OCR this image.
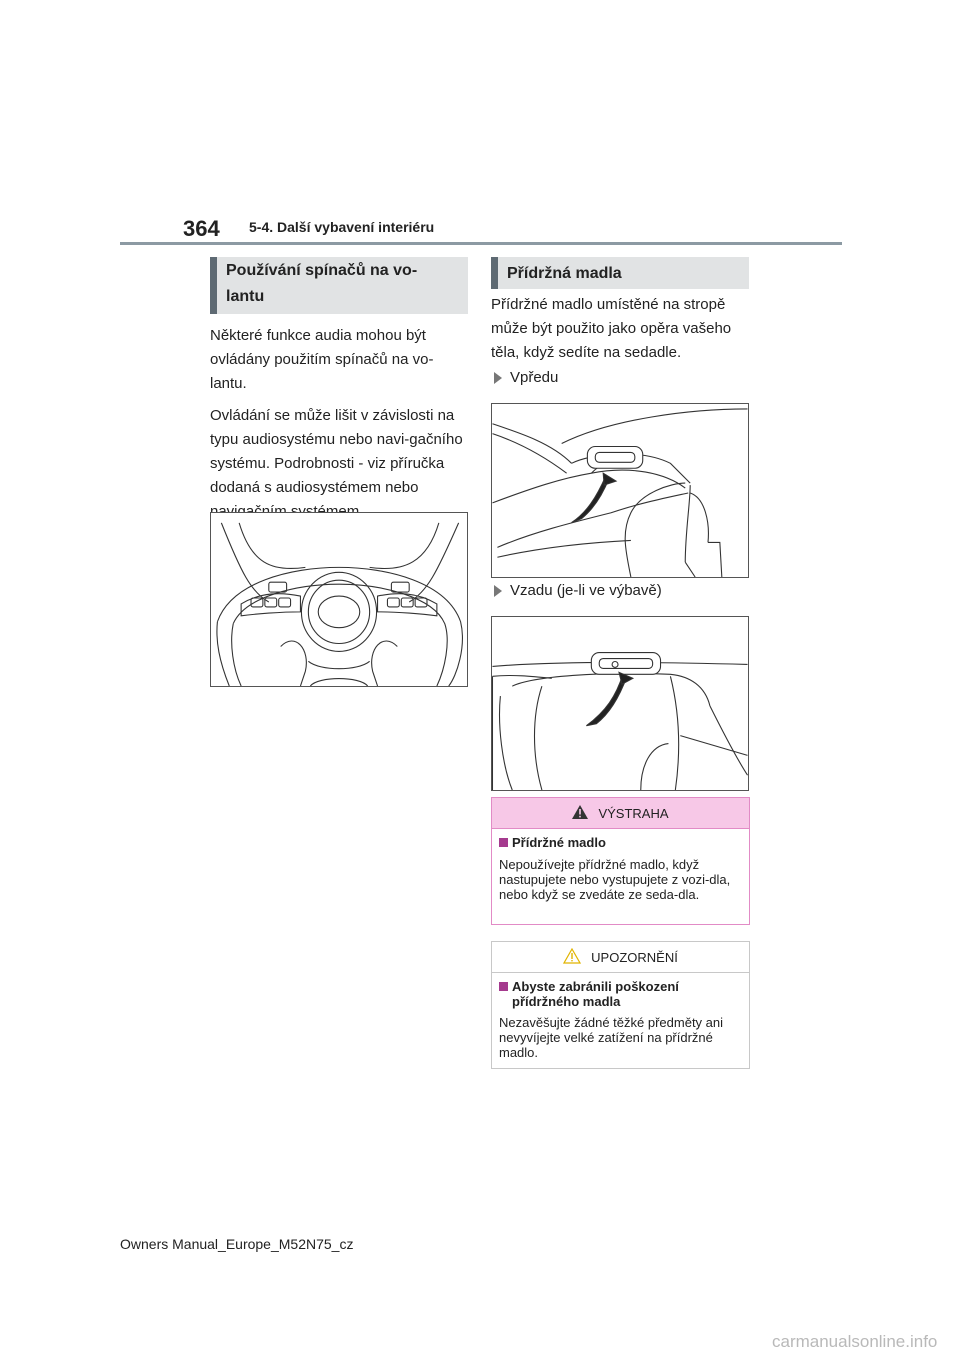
364 5-4. Další vybavení interiéru
Používání spínačů na vo-
lantu

Některé funkce audia mohou být ovládány použitím spínačů na vo-lantu.

Ovládání se může lišit v závislosti na typu audiosystému nebo navi-gačního systému. Podrobnosti - viz příručka dodaná s audiosystémem nebo

Přídržná madla

Přídržné madlo umístěné na stropě může být použito jako opěra vašeho těla, když sedíte na sedadle.

Vpředu
Vzadu (je-li ve výbavě)
VÝSTRAHA
Přídržné madlo
Nepoužívejte přídržné madlo, když nastupujete nebo vystupujete z vozi-dla, nebo když se zvedáte ze seda-dla.
UPOZORNĚNÍ
Abyste zabránili poškození přídržného madla
Nezavěšujte žádné těžké předměty ani nevyvíjejte velké zatížení na přídržné madlo.
Owners Manual_Europe_M52N75_cz
carmanualsonline.info
